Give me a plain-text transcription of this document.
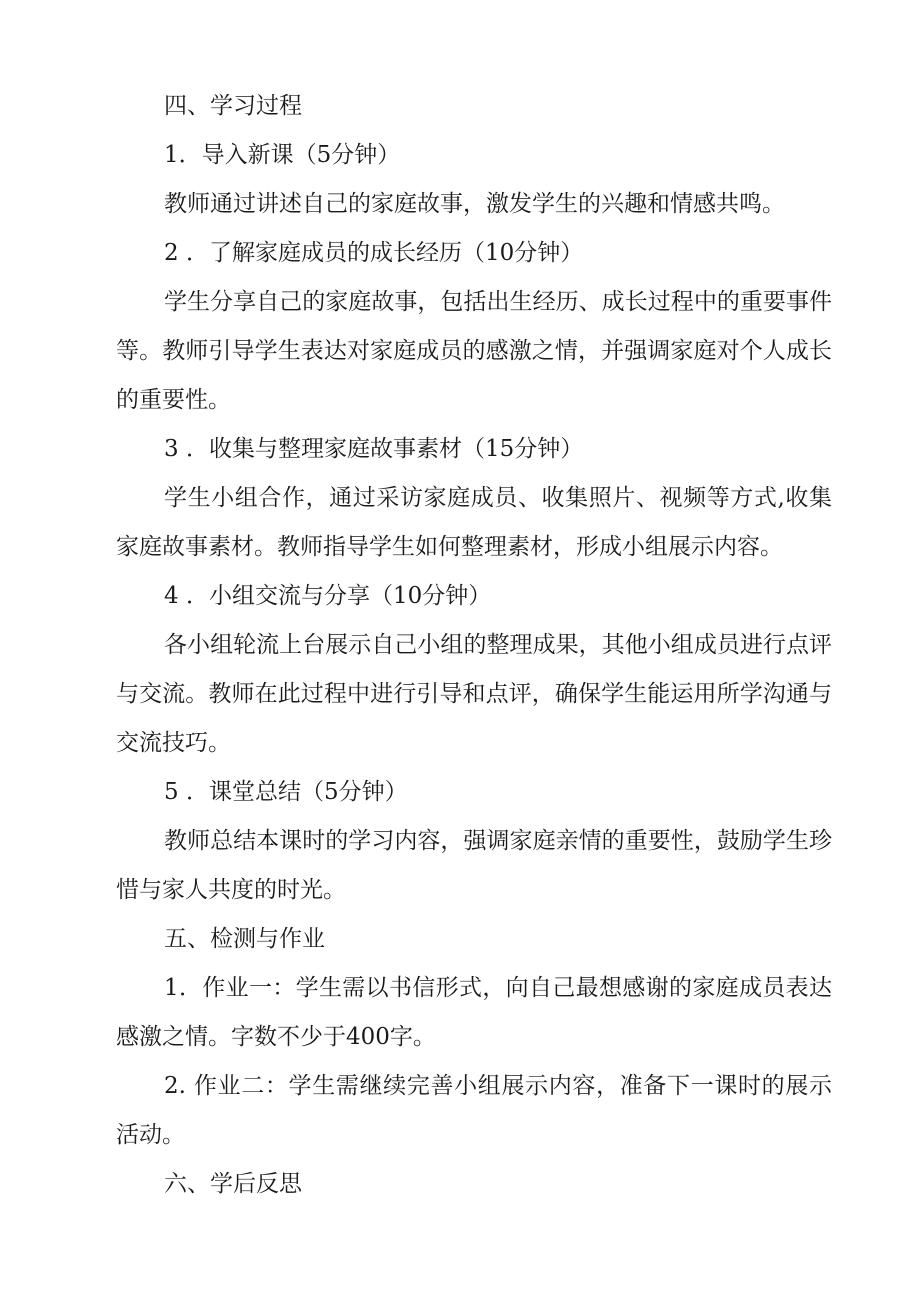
四、学习过程

1．导入新课（5分钟）

教师通过讲述自己的家庭故事，激发学生的兴趣和情感共鸣。

2 ．了解家庭成员的成长经历（10分钟）

学生分享自己的家庭故事，包括出生经历、成长过程中的重要事件等。教师引导学生表达对家庭成员的感激之情，并强调家庭对个人成长的重要性。

3 ．收集与整理家庭故事素材（15分钟）

学生小组合作，通过采访家庭成员、收集照片、视频等方式,收集家庭故事素材。教师指导学生如何整理素材，形成小组展示内容。

4 ．小组交流与分享（10分钟）

各小组轮流上台展示自己小组的整理成果，其他小组成员进行点评与交流。教师在此过程中进行引导和点评，确保学生能运用所学沟通与交流技巧。

5 ．课堂总结（5分钟）

教师总结本课时的学习内容，强调家庭亲情的重要性，鼓励学生珍惜与家人共度的时光。

五、检测与作业

1．作业一：学生需以书信形式，向自己最想感谢的家庭成员表达感激之情。字数不少于400字。

2. 作业二：学生需继续完善小组展示内容，准备下一课时的展示活动。

六、学后反思
